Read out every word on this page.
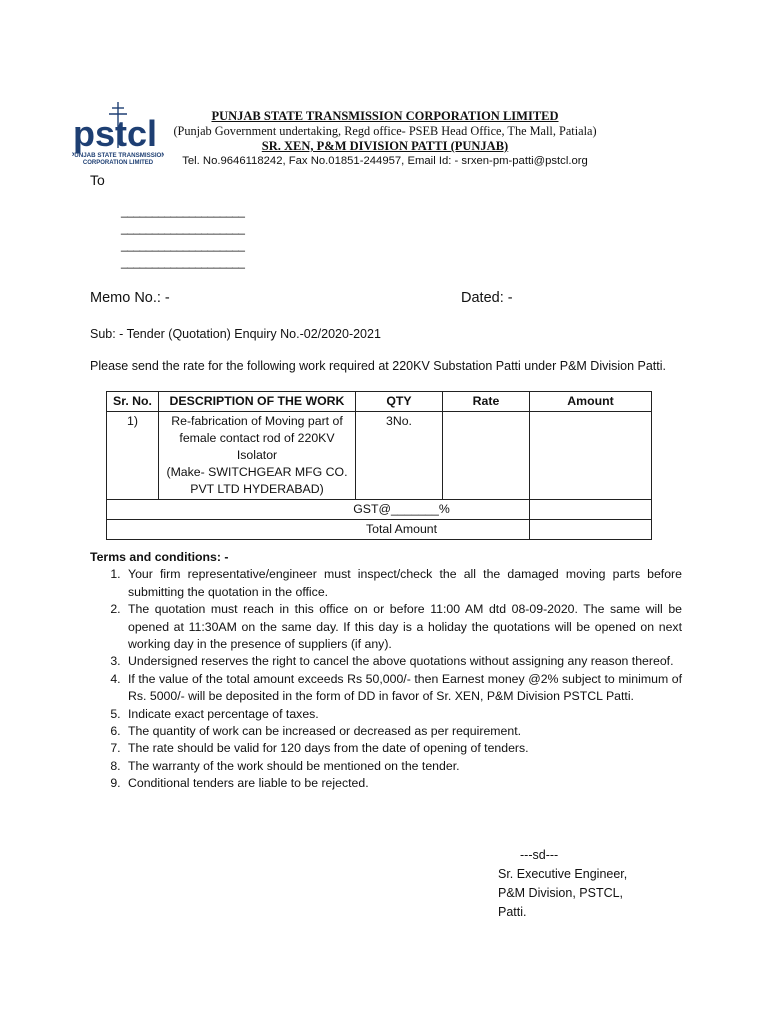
pstcl
PUNJAB STATE TRANSMISSION
CORPORATION LIMITED
PUNJAB STATE TRANSMISSION CORPORATION LIMITED
(Punjab Government undertaking, Regd office- PSEB Head Office, The Mall, Patiala)
SR. XEN, P&M DIVISION PATTI (PUNJAB)
Tel. No.9646118242, Fax No.01851-244957, Email Id: - srxen-pm-patti@pstcl.org
To
____________________
____________________
____________________
____________________
Memo No.: -	Dated: -
Sub: - Tender (Quotation) Enquiry No.-02/2020-2021
Please send the rate for the following work required at 220KV Substation Patti under P&M Division Patti.
Sr. No.	DESCRIPTION OF THE WORK	QTY	Rate	Amount
1)	Re-fabrication of Moving part of
female contact rod of 220KV
Isolator
(Make- SWITCHGEAR MFG CO.
PVT LTD HYDERABAD)	3No.		
GST@_______%				
Total Amount				
Terms and conditions: -
1. Your firm representative/engineer must inspect/check the all the damaged moving parts before submitting the quotation in the office.
2. The quotation must reach in this office on or before 11:00 AM dtd 08-09-2020. The same will be opened at 11:30AM on the same day. If this day is a holiday the quotations will be opened on next working day in the presence of suppliers (if any).
3. Undersigned reserves the right to cancel the above quotations without assigning any reason thereof.
4. If the value of the total amount exceeds Rs 50,000/- then Earnest money @2% subject to minimum of Rs. 5000/- will be deposited in the form of DD in favor of Sr. XEN, P&M Division PSTCL Patti.
5. Indicate exact percentage of taxes.
6. The quantity of work can be increased or decreased as per requirement.
7. The rate should be valid for 120 days from the date of opening of tenders.
8. The warranty of the work should be mentioned on the tender.
9. Conditional tenders are liable to be rejected.
---sd---
Sr. Executive Engineer,
P&M Division, PSTCL,
Patti.
